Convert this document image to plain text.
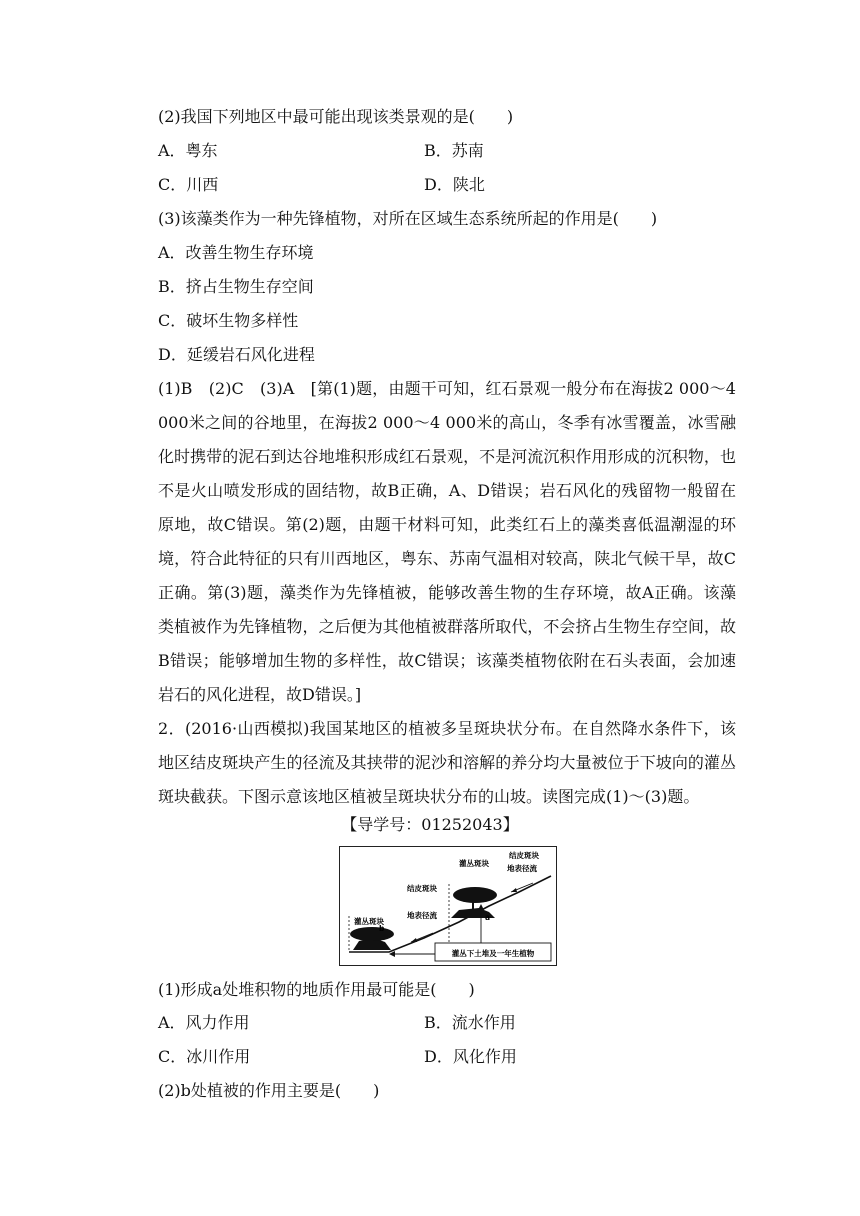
(2)我国下列地区中最可能出现该类景观的是(　　)
A．粤东	B．苏南
C．川西	D．陕北
(3)该藻类作为一种先锋植物，对所在区域生态系统所起的作用是(　　)
A．改善生物生存环境
B．挤占生物生存空间
C．破坏生物多样性
D．延缓岩石风化进程
(1)B　(2)C　(3)A　[第(1)题，由题干可知，红石景观一般分布在海拔2 000～4 000米之间的谷地里，在海拔2 000～4 000米的高山，冬季有冰雪覆盖，冰雪融化时携带的泥石到达谷地堆积形成红石景观，不是河流沉积作用形成的沉积物，也不是火山喷发形成的固结物，故B正确，A、D错误；岩石风化的残留物一般留在原地，故C错误。第(2)题，由题干材料可知，此类红石上的藻类喜低温潮湿的环境，符合此特征的只有川西地区，粤东、苏南气温相对较高，陕北气候干旱，故C正确。第(3)题，藻类作为先锋植被，能够改善生物的生存环境，故A正确。该藻类植被作为先锋植物，之后便为其他植被群落所取代，不会挤占生物生存空间，故B错误；能够增加生物的多样性，故C错误；该藻类植物依附在石头表面，会加速岩石的风化进程，故D错误。]
2．(2016·山西模拟)我国某地区的植被多呈斑块状分布。在自然降水条件下，该地区结皮斑块产生的径流及其挟带的泥沙和溶解的养分均大量被位于下坡向的灌丛斑块截获。下图示意该地区植被呈斑块状分布的山坡。读图完成(1)～(3)题。
【导学号：01252043】
灌丛下土堆及一年生植物
灌丛斑块
结皮斑块
地表径流
结皮斑块
灌丛斑块
b
a
地表径流
(1)形成a处堆积物的地质作用最可能是(　　)
A．风力作用	B．流水作用
C．冰川作用	D．风化作用
(2)b处植被的作用主要是(　　)
